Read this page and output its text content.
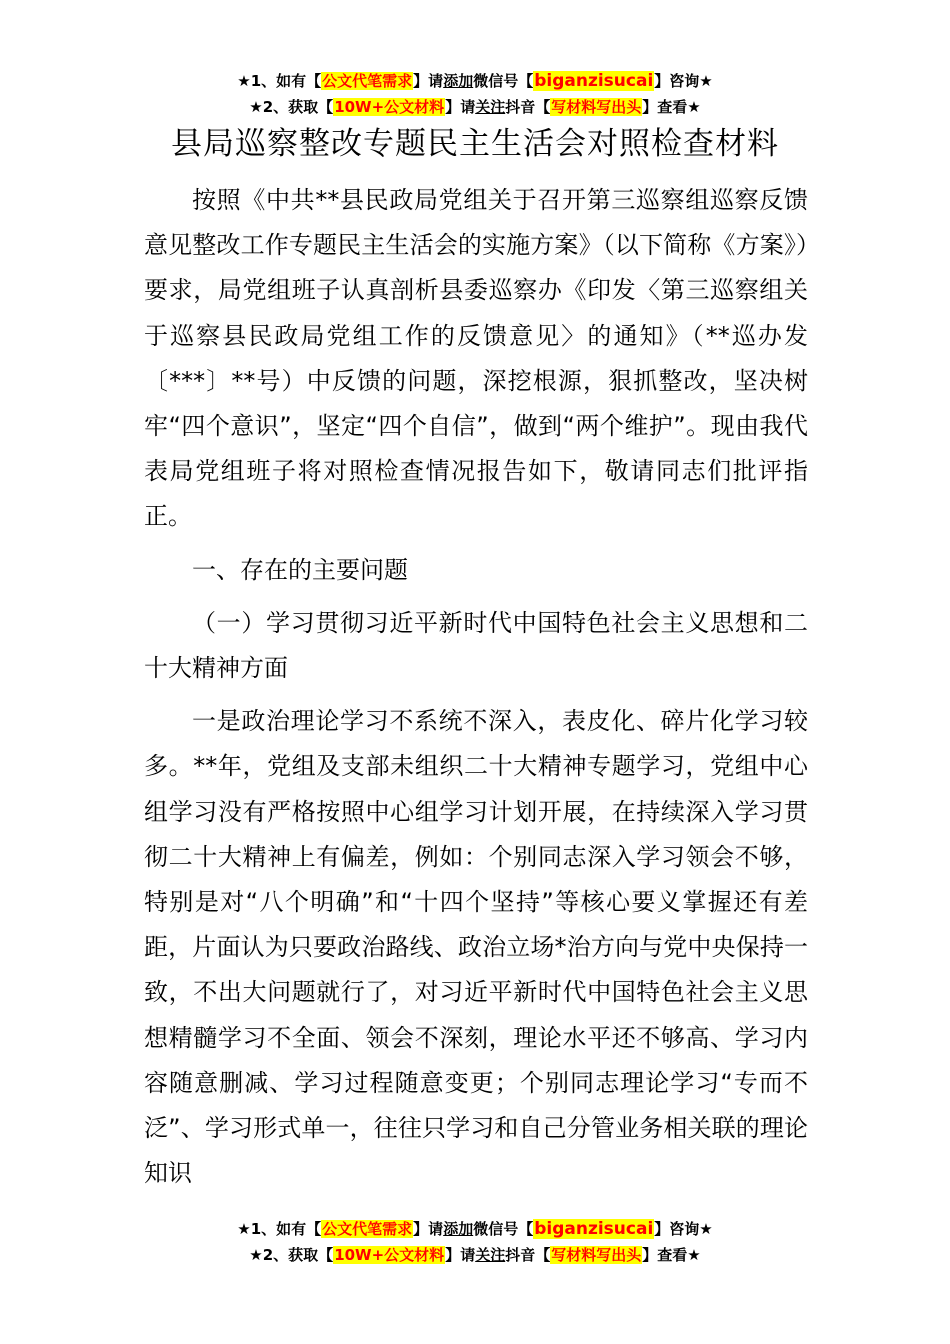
★1、如有【公文代笔需求】请添加微信号【biganzisucai】咨询★
★2、获取【10W+公文材料】请关注抖音【写材料写出头】查看★
县局巡察整改专题民主生活会对照检查材料

按照《中共**县民政局党组关于召开第三巡察组巡察反馈意见整改工作专题民主生活会的实施方案》（以下简称《方案》）要求，局党组班子认真剖析县委巡察办《印发〈第三巡察组关于巡察县民政局党组工作的反馈意见〉的通知》（**巡办发〔***〕**号）中反馈的问题，深挖根源，狠抓整改，坚决树牢“四个意识”，坚定“四个自信”，做到“两个维护”。现由我代表局党组班子将对照检查情况报告如下，敬请同志们批评指正。

一、存在的主要问题

（一）学习贯彻习近平新时代中国特色社会主义思想和二十大精神方面

一是政治理论学习不系统不深入，表皮化、碎片化学习较多。**年，党组及支部未组织二十大精神专题学习，党组中心组学习没有严格按照中心组学习计划开展，在持续深入学习贯彻二十大精神上有偏差，例如：个别同志深入学习领会不够，特别是对“八个明确”和“十四个坚持”等核心要义掌握还有差距，片面认为只要政治路线、政治立场*治方向与党中央保持一致，不出大问题就行了，对习近平新时代中国特色社会主义思想精髓学习不全面、领会不深刻，理论水平还不够高、学习内容随意删减、学习过程随意变更；个别同志理论学习“专而不泛”、学习形式单一，往往只学习和自己分管业务相关联的理论知识

★1、如有【公文代笔需求】请添加微信号【biganzisucai】咨询★
★2、获取【10W+公文材料】请关注抖音【写材料写出头】查看★
